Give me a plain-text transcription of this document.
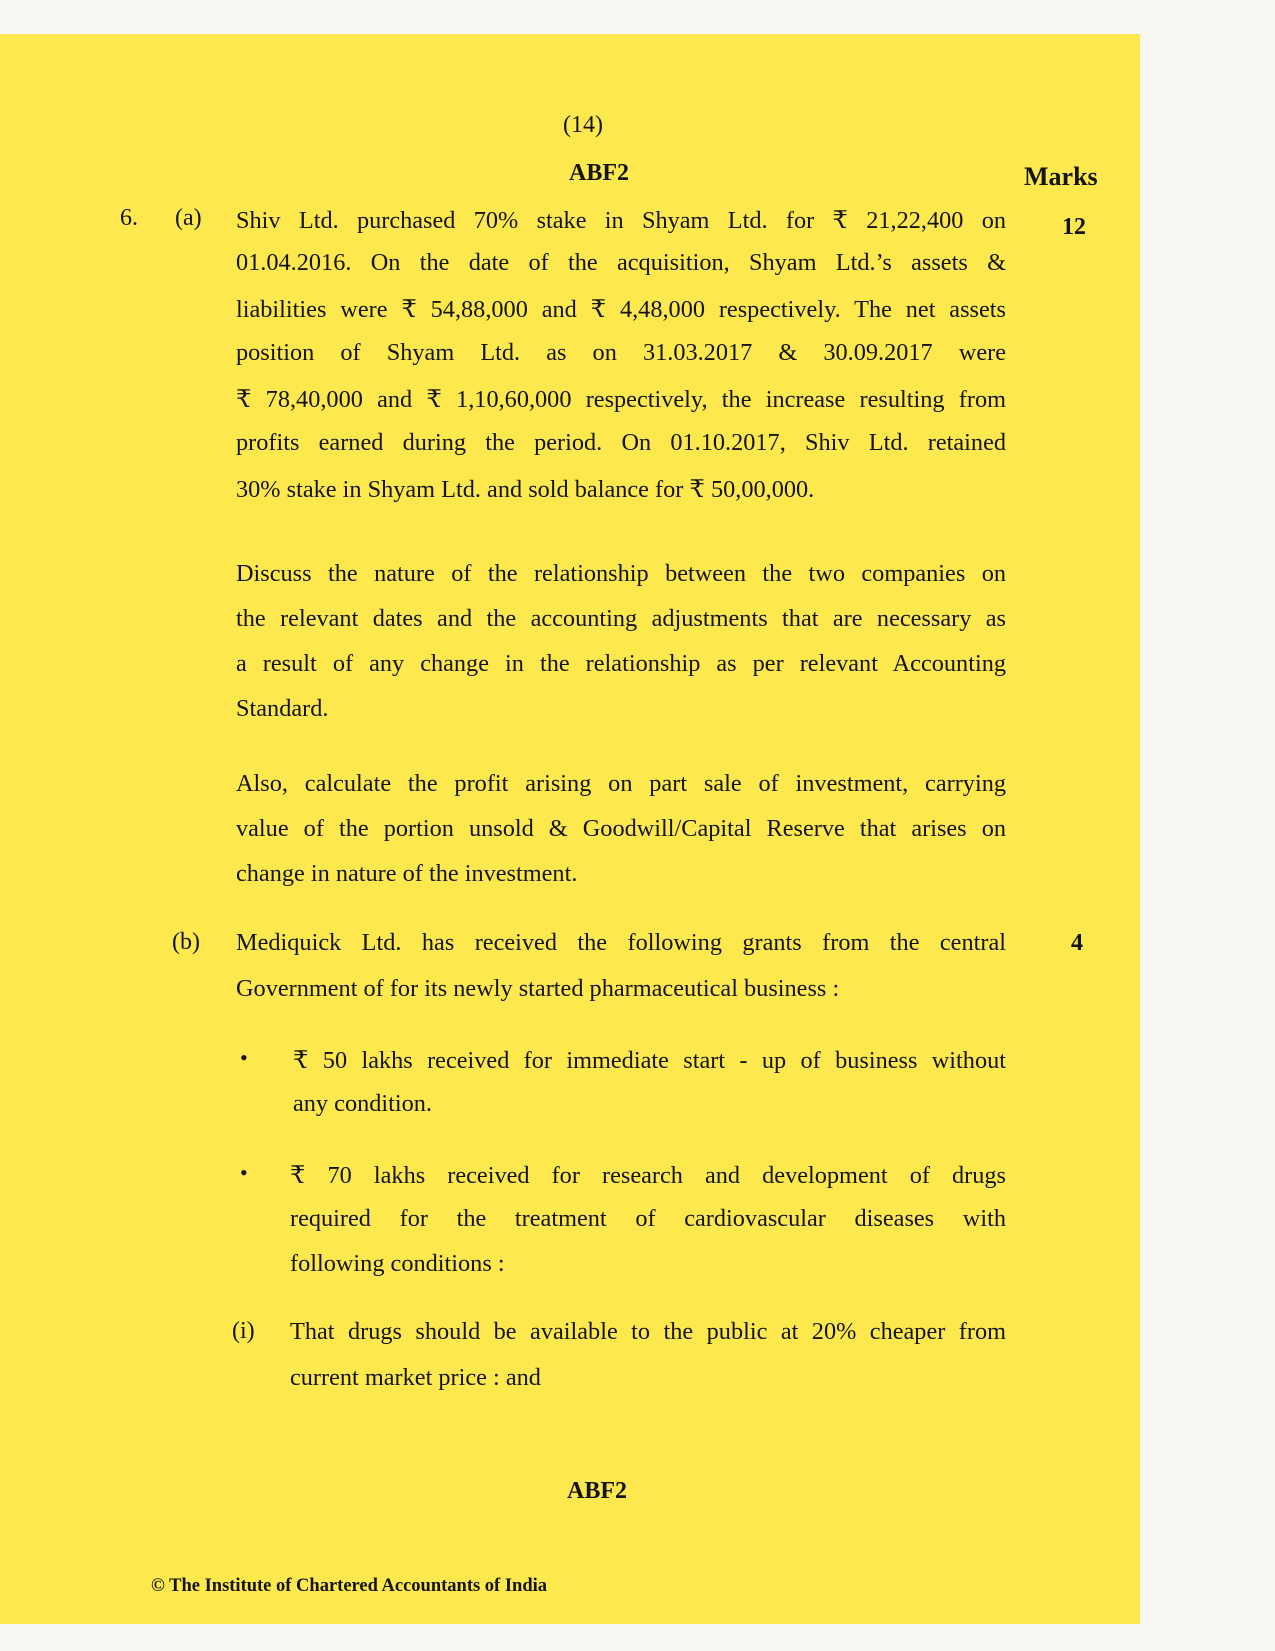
(14)
ABF2	Marks
6. (a)	12
Shiv Ltd. purchased 70% stake in Shyam Ltd. for ₹ 21,22,400 on
01.04.2016. On the date of the acquisition, Shyam Ltd.’s assets &
liabilities were ₹ 54,88,000 and ₹ 4,48,000 respectively. The net assets
position of Shyam Ltd. as on 31.03.2017 & 30.09.2017 were
₹ 78,40,000 and ₹ 1,10,60,000 respectively, the increase resulting from
profits earned during the period. On 01.10.2017, Shiv Ltd. retained
30% stake in Shyam Ltd. and sold balance for ₹ 50,00,000.
Discuss the nature of the relationship between the two companies on
the relevant dates and the accounting adjustments that are necessary as
a result of any change in the relationship as per relevant Accounting
Standard.
Also, calculate the profit arising on part sale of investment, carrying
value of the portion unsold & Goodwill/Capital Reserve that arises on
change in nature of the investment.
(b)	4
Mediquick Ltd. has received the following grants from the central
Government of for its newly started pharmaceutical business :
• ₹ 50 lakhs received for immediate start - up of business without
any condition.
• ₹ 70 lakhs received for research and development of drugs
required for the treatment of cardiovascular diseases with
following conditions :
(i) That drugs should be available to the public at 20% cheaper from
current market price : and
ABF2
© The Institute of Chartered Accountants of India
